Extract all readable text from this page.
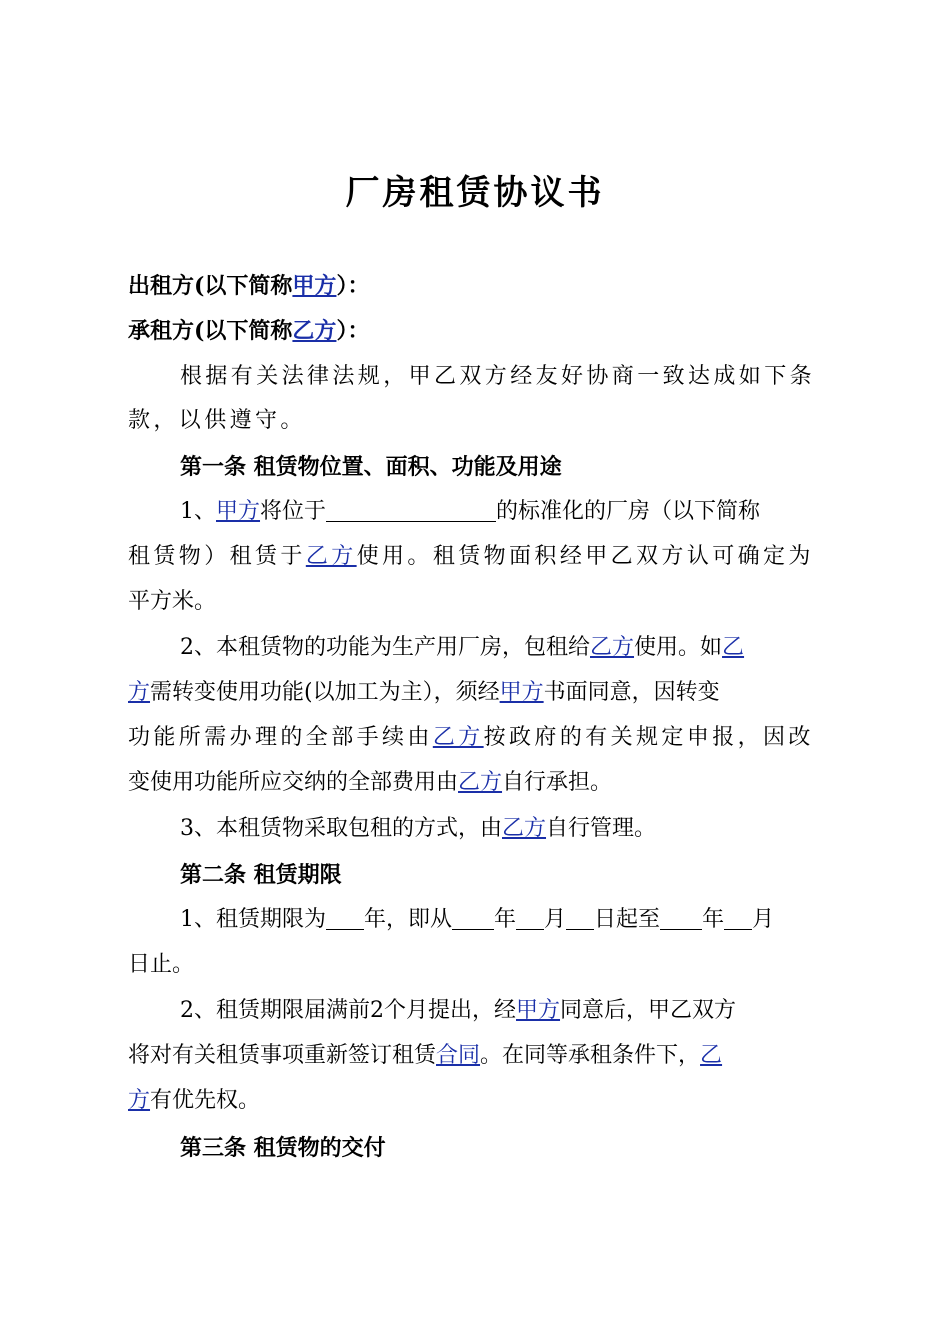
厂房租赁协议书
出租方(以下简称甲方）：
承租方(以下简称乙方）：
根据有关法律法规，甲乙双方经友好协商一致达成如下条
款，以供遵守。
第一条 租赁物位置、面积、功能及用途
1、甲方将位于	的标准化的厂房（以下简称
租赁物）租赁于乙方使用。租赁物面积经甲乙双方认可确定为
平方米。
2、本租赁物的功能为生产用厂房，包租给乙方使用。如乙
方需转变使用功能(以加工为主），须经甲方书面同意，因转变
功能所需办理的全部手续由乙方按政府的有关规定申报，因改
变使用功能所应交纳的全部费用由乙方自行承担。
3、本租赁物采取包租的方式，由乙方自行管理。
第二条 租赁期限
1、租赁期限为 年，即从 年 月 日起至 年 月
日止。
2、租赁期限届满前2个月提出，经甲方同意后，甲乙双方
将对有关租赁事项重新签订租赁合同。在同等承租条件下，乙
方有优先权。
第三条 租赁物的交付
